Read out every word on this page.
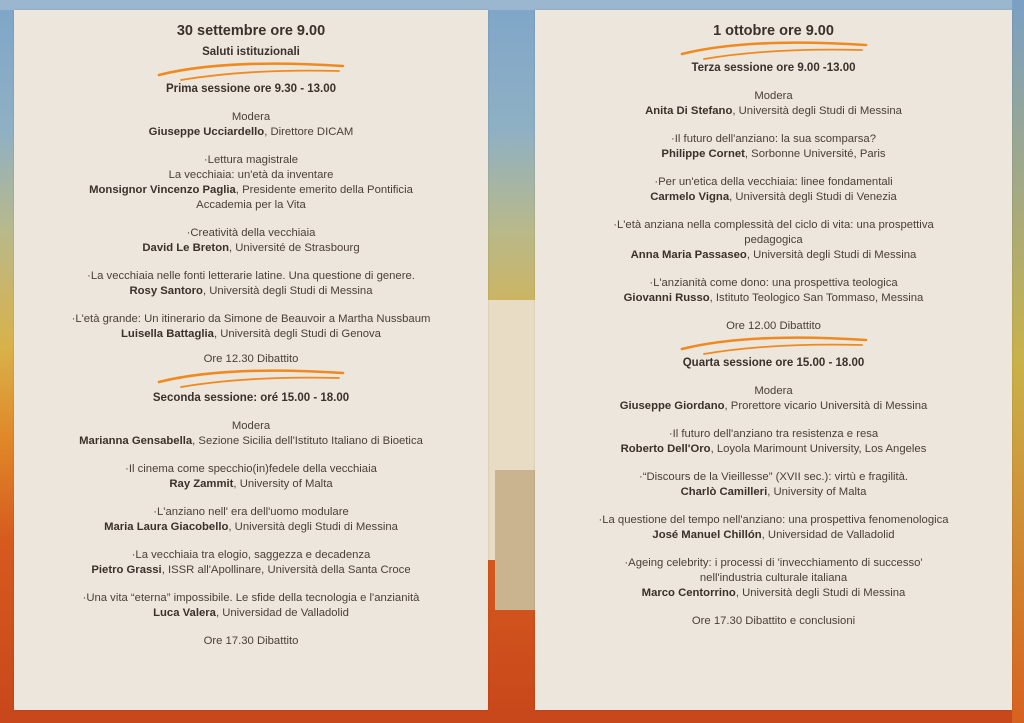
30 settembre ore 9.00
Saluti istituzionali
Prima sessione ore 9.30 - 13.00
Modera
Giuseppe Ucciardello, Direttore DICAM
·Lettura magistrale
La vecchiaia: un'età da inventare
Monsignor Vincenzo Paglia, Presidente emerito della Pontificia
Accademia per la Vita
·Creatività della vecchiaia
David Le Breton, Université de Strasbourg
·La vecchiaia nelle fonti letterarie latine. Una questione di genere.
Rosy Santoro, Università degli Studi di Messina
·L'età grande: Un itinerario da Simone de Beauvoir a Martha Nussbaum
Luisella Battaglia, Università degli Studi di Genova
Ore 12.30 Dibattito
Seconda sessione: oré 15.00 - 18.00
Modera
Marianna Gensabella, Sezione Sicilia dell'Istituto Italiano di Bioetica
·Il cinema come specchio(in)fedele della vecchiaia
Ray Zammit, University of Malta
·L'anziano nell' era dell'uomo modulare
Maria Laura Giacobello, Università degli Studi di Messina
·La vecchiaia tra elogio, saggezza e decadenza
Pietro Grassi, ISSR all'Apollinare, Università della Santa Croce
·Una vita “eterna” impossibile. Le sfide della tecnologia e l'anzianità
Luca Valera, Universidad de Valladolid
Ore 17.30 Dibattito
1 ottobre ore 9.00
Terza sessione ore 9.00 -13.00
Modera
Anita Di Stefano, Università degli Studi di Messina
·Il futuro dell'anziano: la sua scomparsa?
Philippe Cornet, Sorbonne Université, Paris
·Per un'etica della vecchiaia: linee fondamentali
Carmelo Vigna, Università degli Studi di Venezia
·L'età anziana nella complessità del ciclo di vita: una prospettiva
pedagogica
Anna Maria Passaseo, Università degli Studi di Messina
·L'anzianità come dono: una prospettiva teologica
Giovanni Russo, Istituto Teologico San Tommaso, Messina
Ore 12.00 Dibattito
Quarta sessione ore 15.00 - 18.00
Modera
Giuseppe Giordano, Prorettore vicario Università di Messina
·Il futuro dell'anziano tra resistenza e resa
Roberto Dell'Oro, Loyola Marimount University, Los Angeles
·“Discours de la Vieillesse” (XVII sec.): virtù e fragilità.
Charlò Camilleri, University of Malta
·La questione del tempo nell'anziano: una prospettiva fenomenologica
José Manuel Chillón, Universidad de Valladolid
·Ageing celebrity: i processi di 'invecchiamento di successo'
nell'industria culturale italiana
Marco Centorrino, Università degli Studi di Messina
Ore 17.30 Dibattito e conclusioni
